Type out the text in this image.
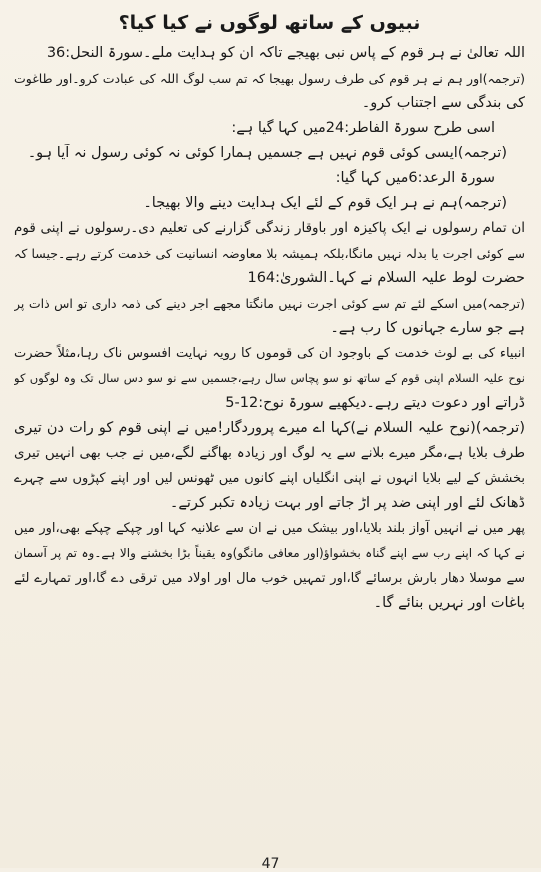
نبیوں کے ساتھ لوگوں نے کیا کیا؟
اللہ تعالیٰ نے ہر قوم کے پاس نبی بھیجے تاکہ ان کو ہدایت ملے۔سورۃ النحل:36
(ترجمہ)اور ہم نے ہر قوم کی طرف رسول بھیجا کہ تم سب لوگ اللہ کی عبادت کرو۔اور طاغوت
کی بندگی سے اجتناب کرو۔
اسی طرح سورۃ الفاطر:24میں کہا گیا ہے:
(ترجمہ)ایسی کوئی قوم نہیں ہے جسمیں ہمارا کوئی نہ کوئی رسول نہ آیا ہو۔
سورۃ الرعد:6میں کہا گیا:
(ترجمہ)ہم نے ہر ایک قوم کے لئے ایک ہدایت دینے والا بھیجا۔
ان تمام رسولوں نے ایک پاکیزہ اور باوقار زندگی گزارنے کی تعلیم دی۔رسولوں نے اپنی قوم
سے کوئی اجرت یا بدلہ نہیں مانگا،بلکہ ہمیشہ بلا معاوضہ انسانیت کی خدمت کرتے رہے۔جیسا کہ
حضرت لوط علیہ السلام نے کہا۔الشوریٰ:164
(ترجمہ)میں اسکے لئے تم سے کوئی اجرت نہیں مانگتا مجھے اجر دینے کی ذمہ داری تو اس ذات پر
ہے جو سارے جہانوں کا رب ہے۔
انبیاء کی بے لوث خدمت کے باوجود ان کی قوموں کا رویہ نہایت افسوس ناک رہا،مثلاً حضرت
نوح علیہ السلام اپنی قوم کے ساتھ نو سو پچاس سال رہے،جسمیں سے نو سو دس سال تک وہ لوگوں کو
ڈراتے اور دعوت دیتے رہے۔دیکھیے سورۃ نوح:12-5
(ترجمہ)(نوح علیہ السلام نے)کہا اے میرے پروردگار!میں نے اپنی قوم کو رات دن تیری
طرف بلایا ہے،مگر میرے بلانے سے یہ لوگ اور زیادہ بھاگنے لگے،میں نے جب بھی انہیں تیری
بخشش کے لیے بلایا انہوں نے اپنی انگلیاں اپنے کانوں میں ٹھونس لیں اور اپنے کپڑوں سے چہرے
ڈھانک لئے اور اپنی ضد پر اڑ جاتے اور بہت زیادہ تکبر کرتے۔
پھر میں نے انہیں آواز بلند بلایا،اور بیشک میں نے ان سے علانیہ کہا اور چپکے چپکے بھی،اور میں
نے کہا کہ اپنے رب سے اپنے گناہ بخشواؤ(اور معافی مانگو)وہ یقیناً بڑا بخشنے والا ہے۔وہ تم پر آسمان
سے موسلا دھار بارش برسائے گا،اور تمہیں خوب مال اور اولاد میں ترقی دے گا،اور تمہارے لئے
باغات اور نہریں بنائے گا۔
47
